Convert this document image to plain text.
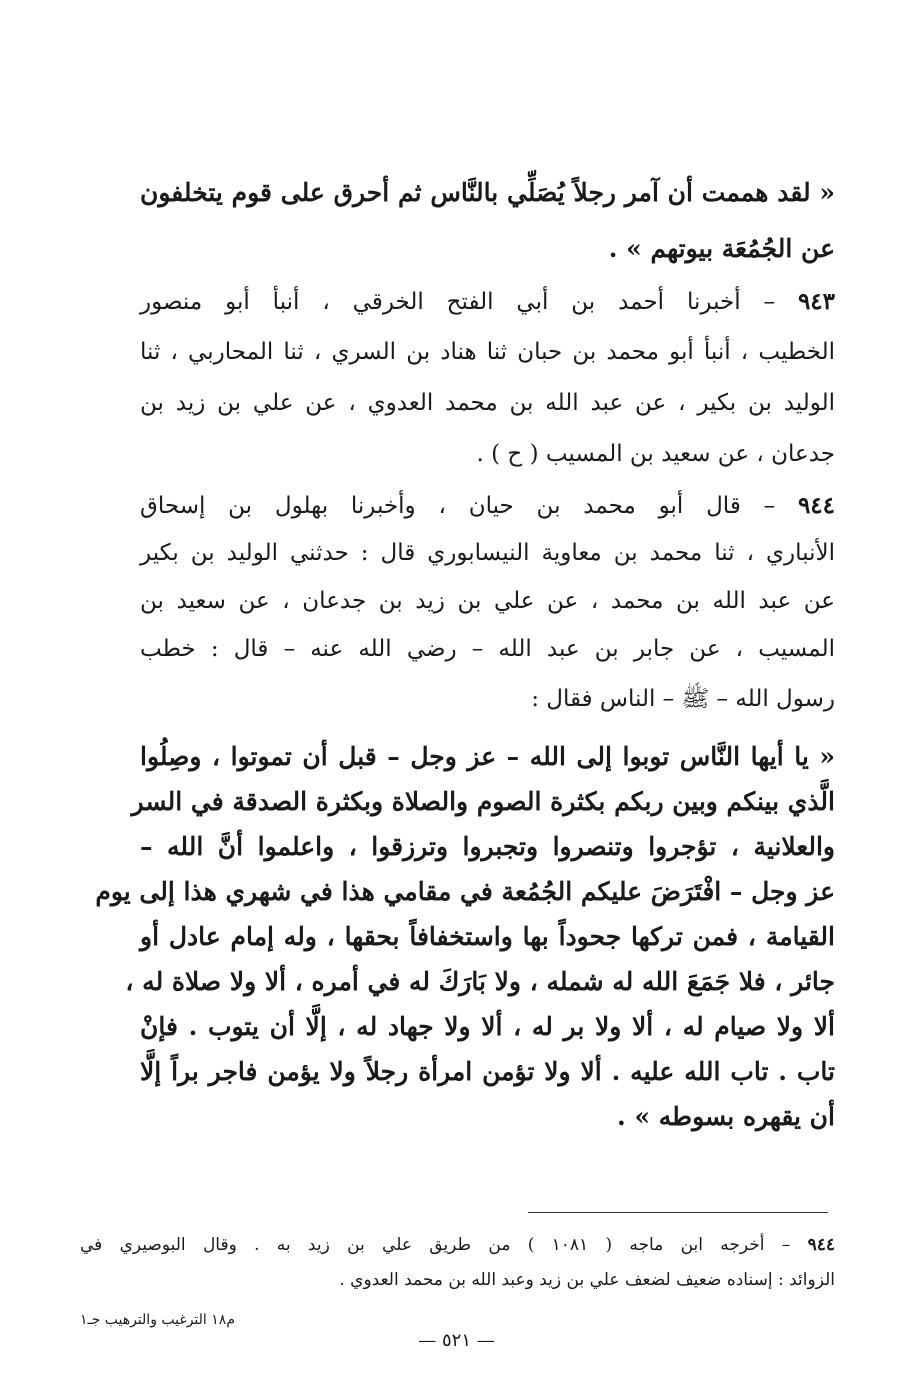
« لقد هممت أن آمر رجلاً يُصَلِّي بالنَّاس ثم أحرق على قوم يتخلفون
عن الجُمُعَة بيوتهم » .
٩٤٣ – أخبرنا أحمد بن أبي الفتح الخرقي ، أنبأ أبو منصور
الخطيب ، أنبأ أبو محمد بن حبان ثنا هناد بن السري ، ثنا المحاربي ، ثنا
الوليد بن بكير ، عن عبد الله بن محمد العدوي ، عن علي بن زيد بن
جدعان ، عن سعيد بن المسيب ( ح ) .
٩٤٤ – قال أبو محمد بن حيان ، وأخبرنا بهلول بن إسحاق
الأنباري ، ثنا محمد بن معاوية النيسابوري قال : حدثني الوليد بن بكير
عن عبد الله بن محمد ، عن علي بن زيد بن جدعان ، عن سعيد بن
المسيب ، عن جابر بن عبد الله – رضي الله عنه – قال : خطب
رسول الله – ﷺ – الناس فقال :
« يا أيها النَّاس توبوا إلى الله – عز وجل – قبل أن تموتوا ، وصِلُوا
الَّذي بينكم وبين ربكم بكثرة الصوم والصلاة وبكثرة الصدقة في السر
والعلانية ، تؤجروا وتنصروا وتجبروا وترزقوا ، واعلموا أنَّ الله –
عز وجل – افْتَرَضَ عليكم الجُمُعة في مقامي هذا في شهري هذا إلى يوم
القيامة ، فمن تركها جحوداً بها واستخفافاً بحقها ، وله إمام عادل أو
جائر ، فلا جَمَعَ الله له شمله ، ولا بَارَكَ له في أمره ، ألا ولا صلاة له ،
ألا ولا صيام له ، ألا ولا بر له ، ألا ولا جهاد له ، إلَّا أن يتوب . فإنْ
تاب . تاب الله عليه . ألا ولا تؤمن امرأة رجلاً ولا يؤمن فاجر براً إلَّا
أن يقهره بسوطه » .
٩٤٤ – أخرجه ابن ماجه ( ١٠٨١ ) من طريق علي بن زيد به . وقال البوصيري في
الزوائد : إسناده ضعيف لضعف علي بن زيد وعبد الله بن محمد العدوي .
م١٨ الترغيب والترهيب جـ١
— ٥٢١ —
